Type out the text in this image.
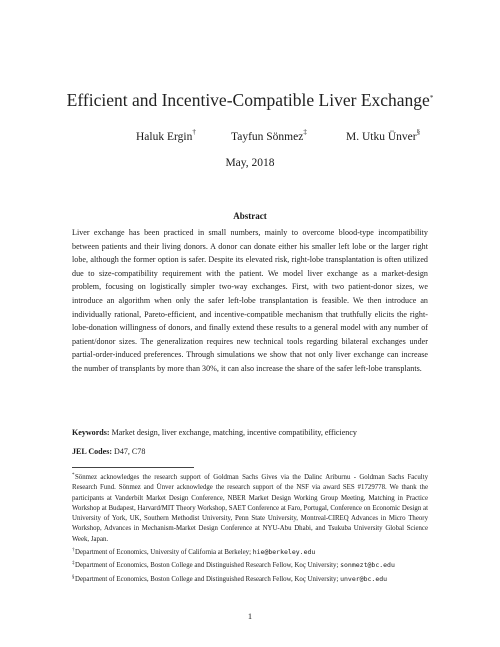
Efficient and Incentive-Compatible Liver Exchange*
Haluk Ergin†	Tayfun Sönmez‡	M. Utku Ünver§
May, 2018
Abstract
Liver exchange has been practiced in small numbers, mainly to overcome blood-type incompatibility between patients and their living donors. A donor can donate either his smaller left lobe or the larger right lobe, although the former option is safer. Despite its elevated risk, right-lobe transplantation is often utilized due to size-compatibility requirement with the patient. We model liver exchange as a market-design problem, focusing on logistically simpler two-way exchanges. First, with two patient-donor sizes, we introduce an algorithm when only the safer left-lobe transplantation is feasible. We then introduce an individually rational, Pareto-efficient, and incentive-compatible mechanism that truthfully elicits the right-lobe-donation willingness of donors, and finally extend these results to a general model with any number of patient/donor sizes. The generalization requires new technical tools regarding bilateral exchanges under partial-order-induced preferences. Through simulations we show that not only liver exchange can increase the number of transplants by more than 30%, it can also increase the share of the safer left-lobe transplants.
Keywords: Market design, liver exchange, matching, incentive compatibility, efficiency
JEL Codes: D47, C78
*Sönmez acknowledges the research support of Goldman Sachs Gives via the Dalinc Ariburnu - Goldman Sachs Faculty Research Fund. Sönmez and Ünver acknowledge the research support of the NSF via award SES #1729778. We thank the participants at Vanderbilt Market Design Conference, NBER Market Design Working Group Meeting, Matching in Practice Workshop at Budapest, Harvard/MIT Theory Workshop, SAET Conference at Faro, Portugal, Conference on Economic Design at University of York, UK, Southern Methodist University, Penn State University, Montreal-CIREQ Advances in Micro Theory Workshop, Advances in Mechanism-Market Design Conference at NYU-Abu Dhabi, and Tsukuba University Global Science Week, Japan.
†Department of Economics, University of California at Berkeley; hie@berkeley.edu
‡Department of Economics, Boston College and Distinguished Research Fellow, Koç University; sonmezt@bc.edu
§Department of Economics, Boston College and Distinguished Research Fellow, Koç University; unver@bc.edu
1
